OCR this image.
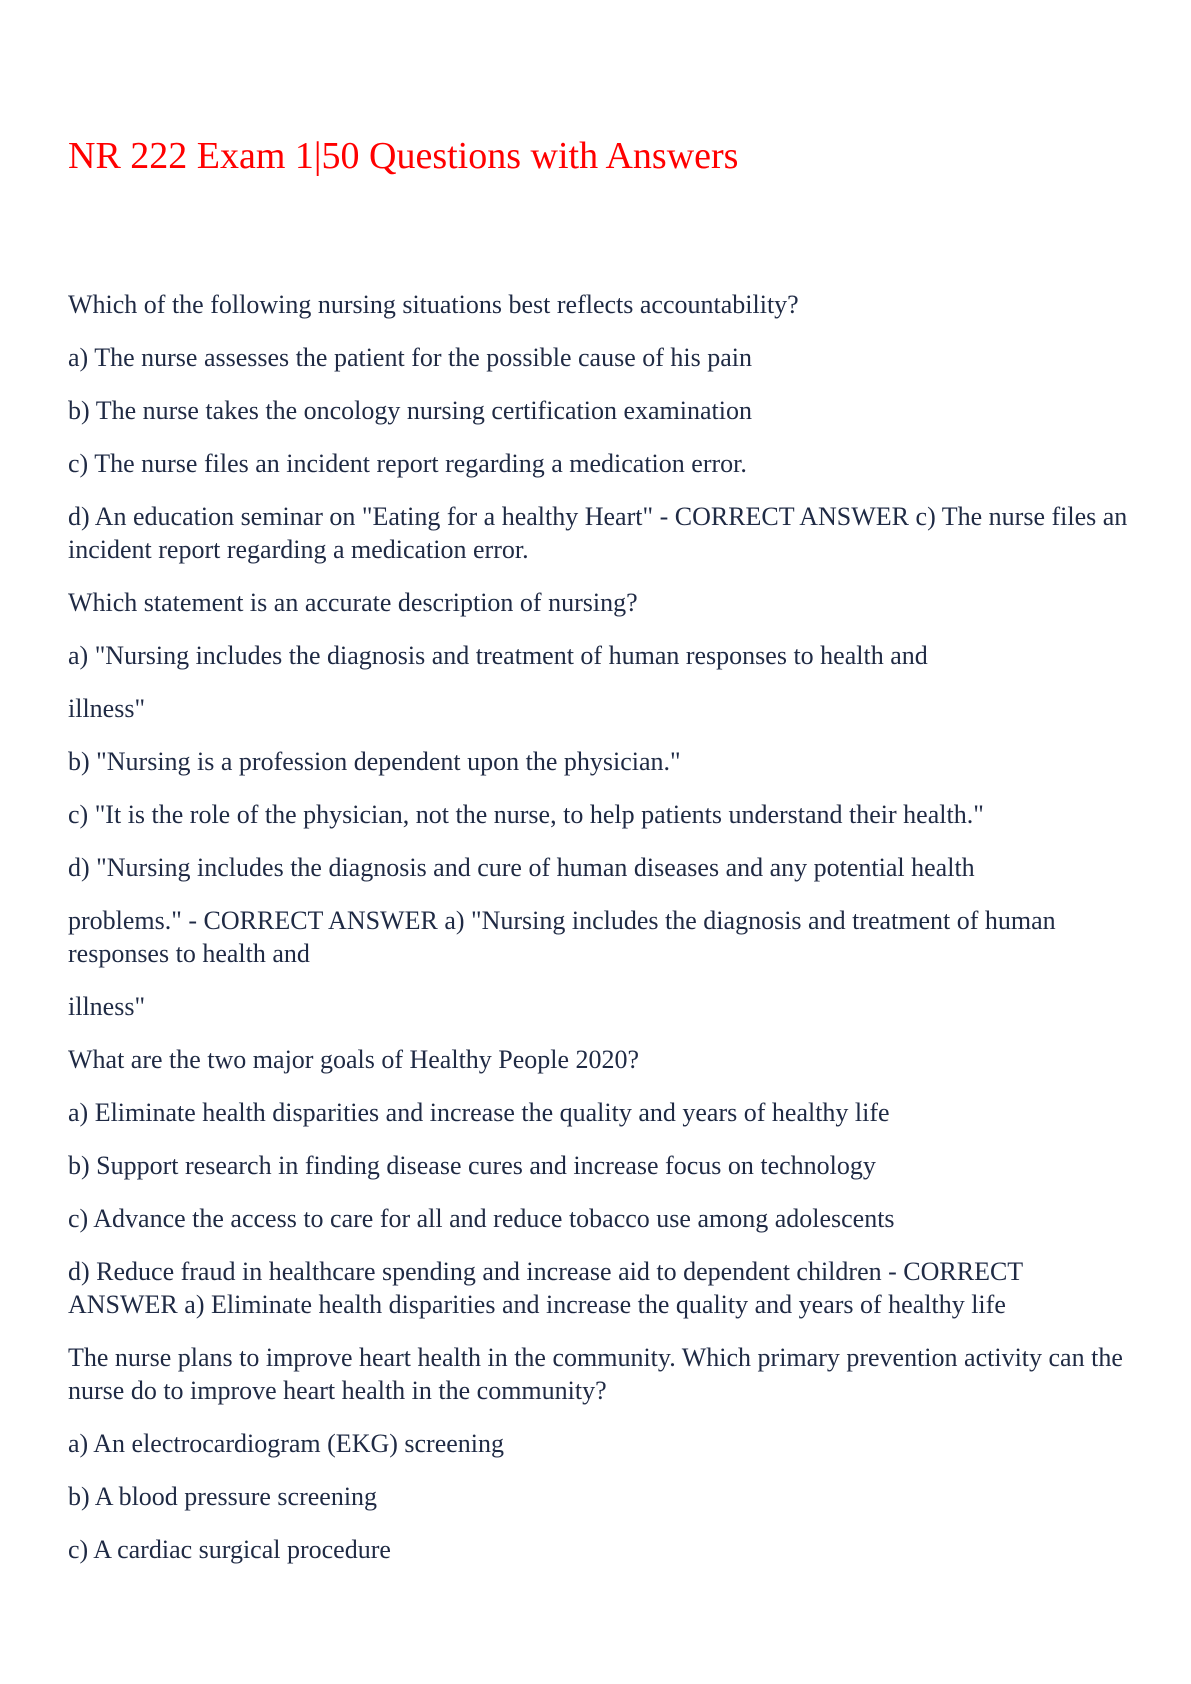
NR 222 Exam 1|50 Questions with Answers

Which of the following nursing situations best reflects accountability?

a) The nurse assesses the patient for the possible cause of his pain

b) The nurse takes the oncology nursing certification examination

c) The nurse files an incident report regarding a medication error.

d) An education seminar on "Eating for a healthy Heart" - CORRECT ANSWER c) The nurse files an incident report regarding a medication error.

Which statement is an accurate description of nursing?

a) "Nursing includes the diagnosis and treatment of human responses to health and

illness"

b) "Nursing is a profession dependent upon the physician."

c) "It is the role of the physician, not the nurse, to help patients understand their health."

d) "Nursing includes the diagnosis and cure of human diseases and any potential health

problems." - CORRECT ANSWER a) "Nursing includes the diagnosis and treatment of human responses to health and

illness"

What are the two major goals of Healthy People 2020?

a) Eliminate health disparities and increase the quality and years of healthy life

b) Support research in finding disease cures and increase focus on technology

c) Advance the access to care for all and reduce tobacco use among adolescents

d) Reduce fraud in healthcare spending and increase aid to dependent children - CORRECT ANSWER a) Eliminate health disparities and increase the quality and years of healthy life

The nurse plans to improve heart health in the community. Which primary prevention activity can the nurse do to improve heart health in the community?

a) An electrocardiogram (EKG) screening

b) A blood pressure screening

c) A cardiac surgical procedure
